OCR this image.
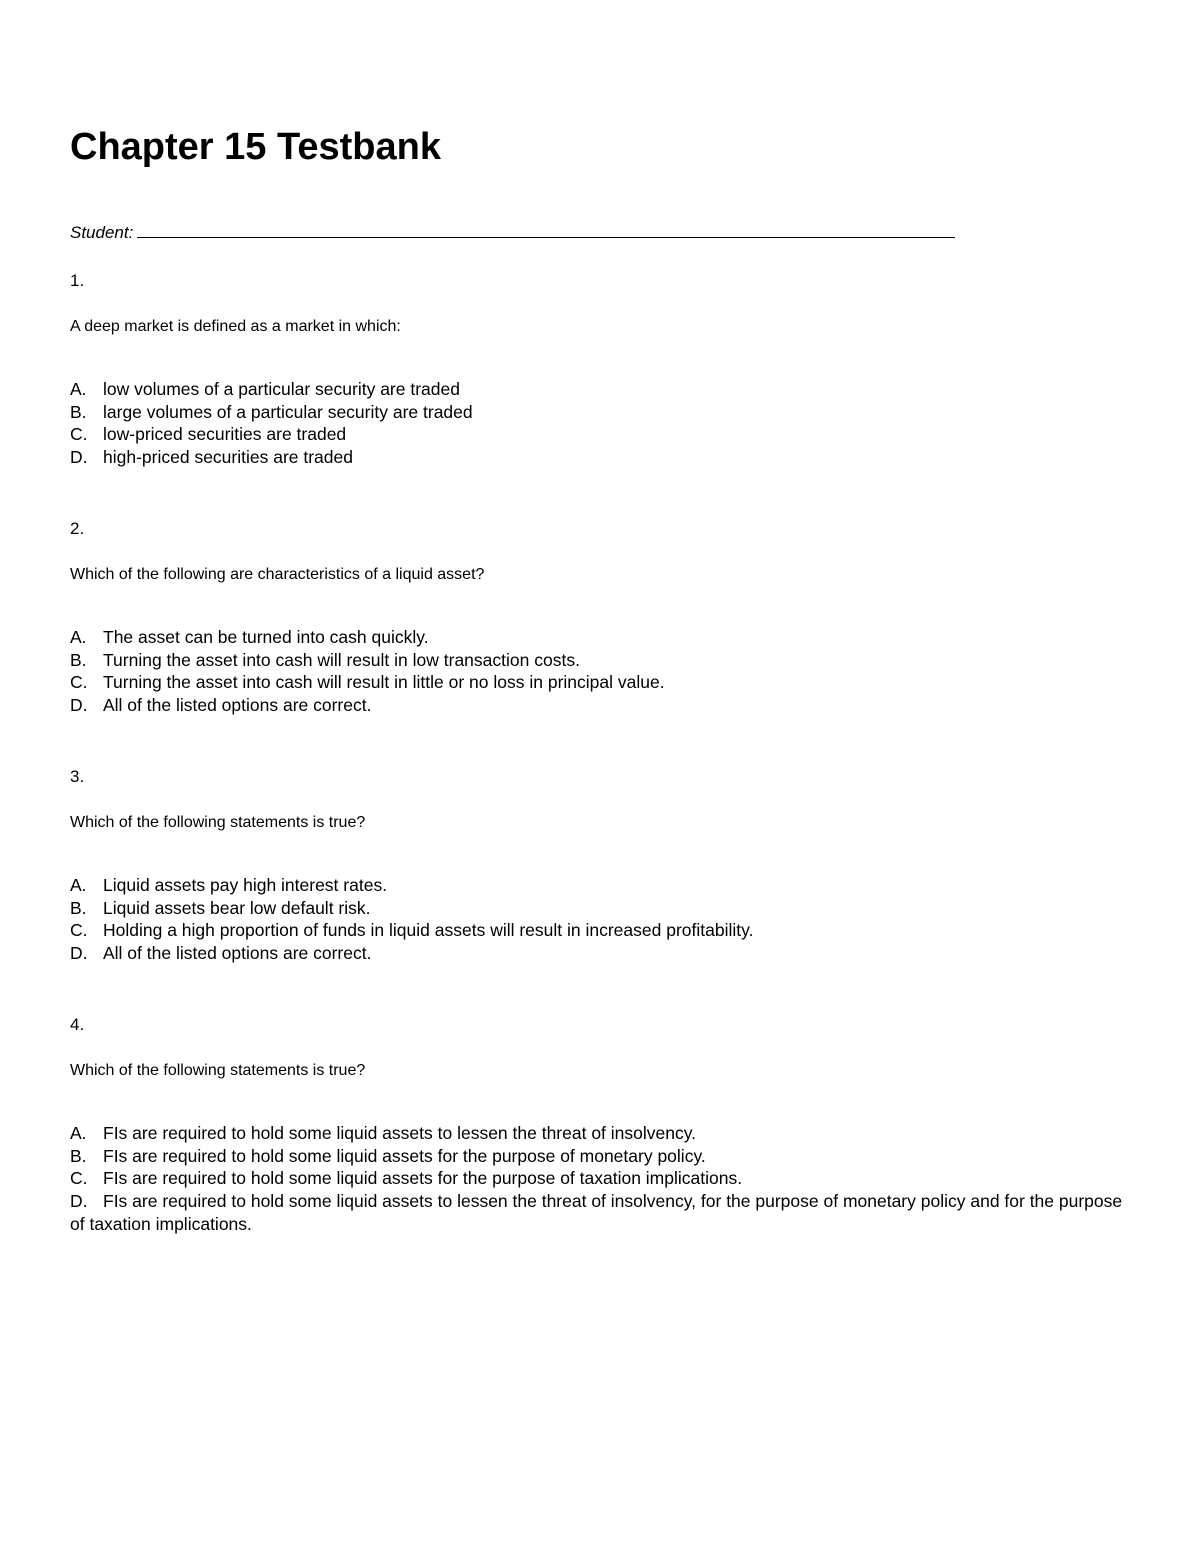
Chapter 15 Testbank
Student:

1.

A deep market is defined as a market in which:

A. low volumes of a particular security are traded
B. large volumes of a particular security are traded
C. low-priced securities are traded
D. high-priced securities are traded

2.

Which of the following are characteristics of a liquid asset?

A. The asset can be turned into cash quickly.
B. Turning the asset into cash will result in low transaction costs.
C. Turning the asset into cash will result in little or no loss in principal value.
D. All of the listed options are correct.

3.

Which of the following statements is true?

A. Liquid assets pay high interest rates.
B. Liquid assets bear low default risk.
C. Holding a high proportion of funds in liquid assets will result in increased profitability.
D. All of the listed options are correct.

4.

Which of the following statements is true?

A. FIs are required to hold some liquid assets to lessen the threat of insolvency.
B. FIs are required to hold some liquid assets for the purpose of monetary policy.
C. FIs are required to hold some liquid assets for the purpose of taxation implications.
D. FIs are required to hold some liquid assets to lessen the threat of insolvency, for the purpose of monetary policy and for the purpose of taxation implications.
